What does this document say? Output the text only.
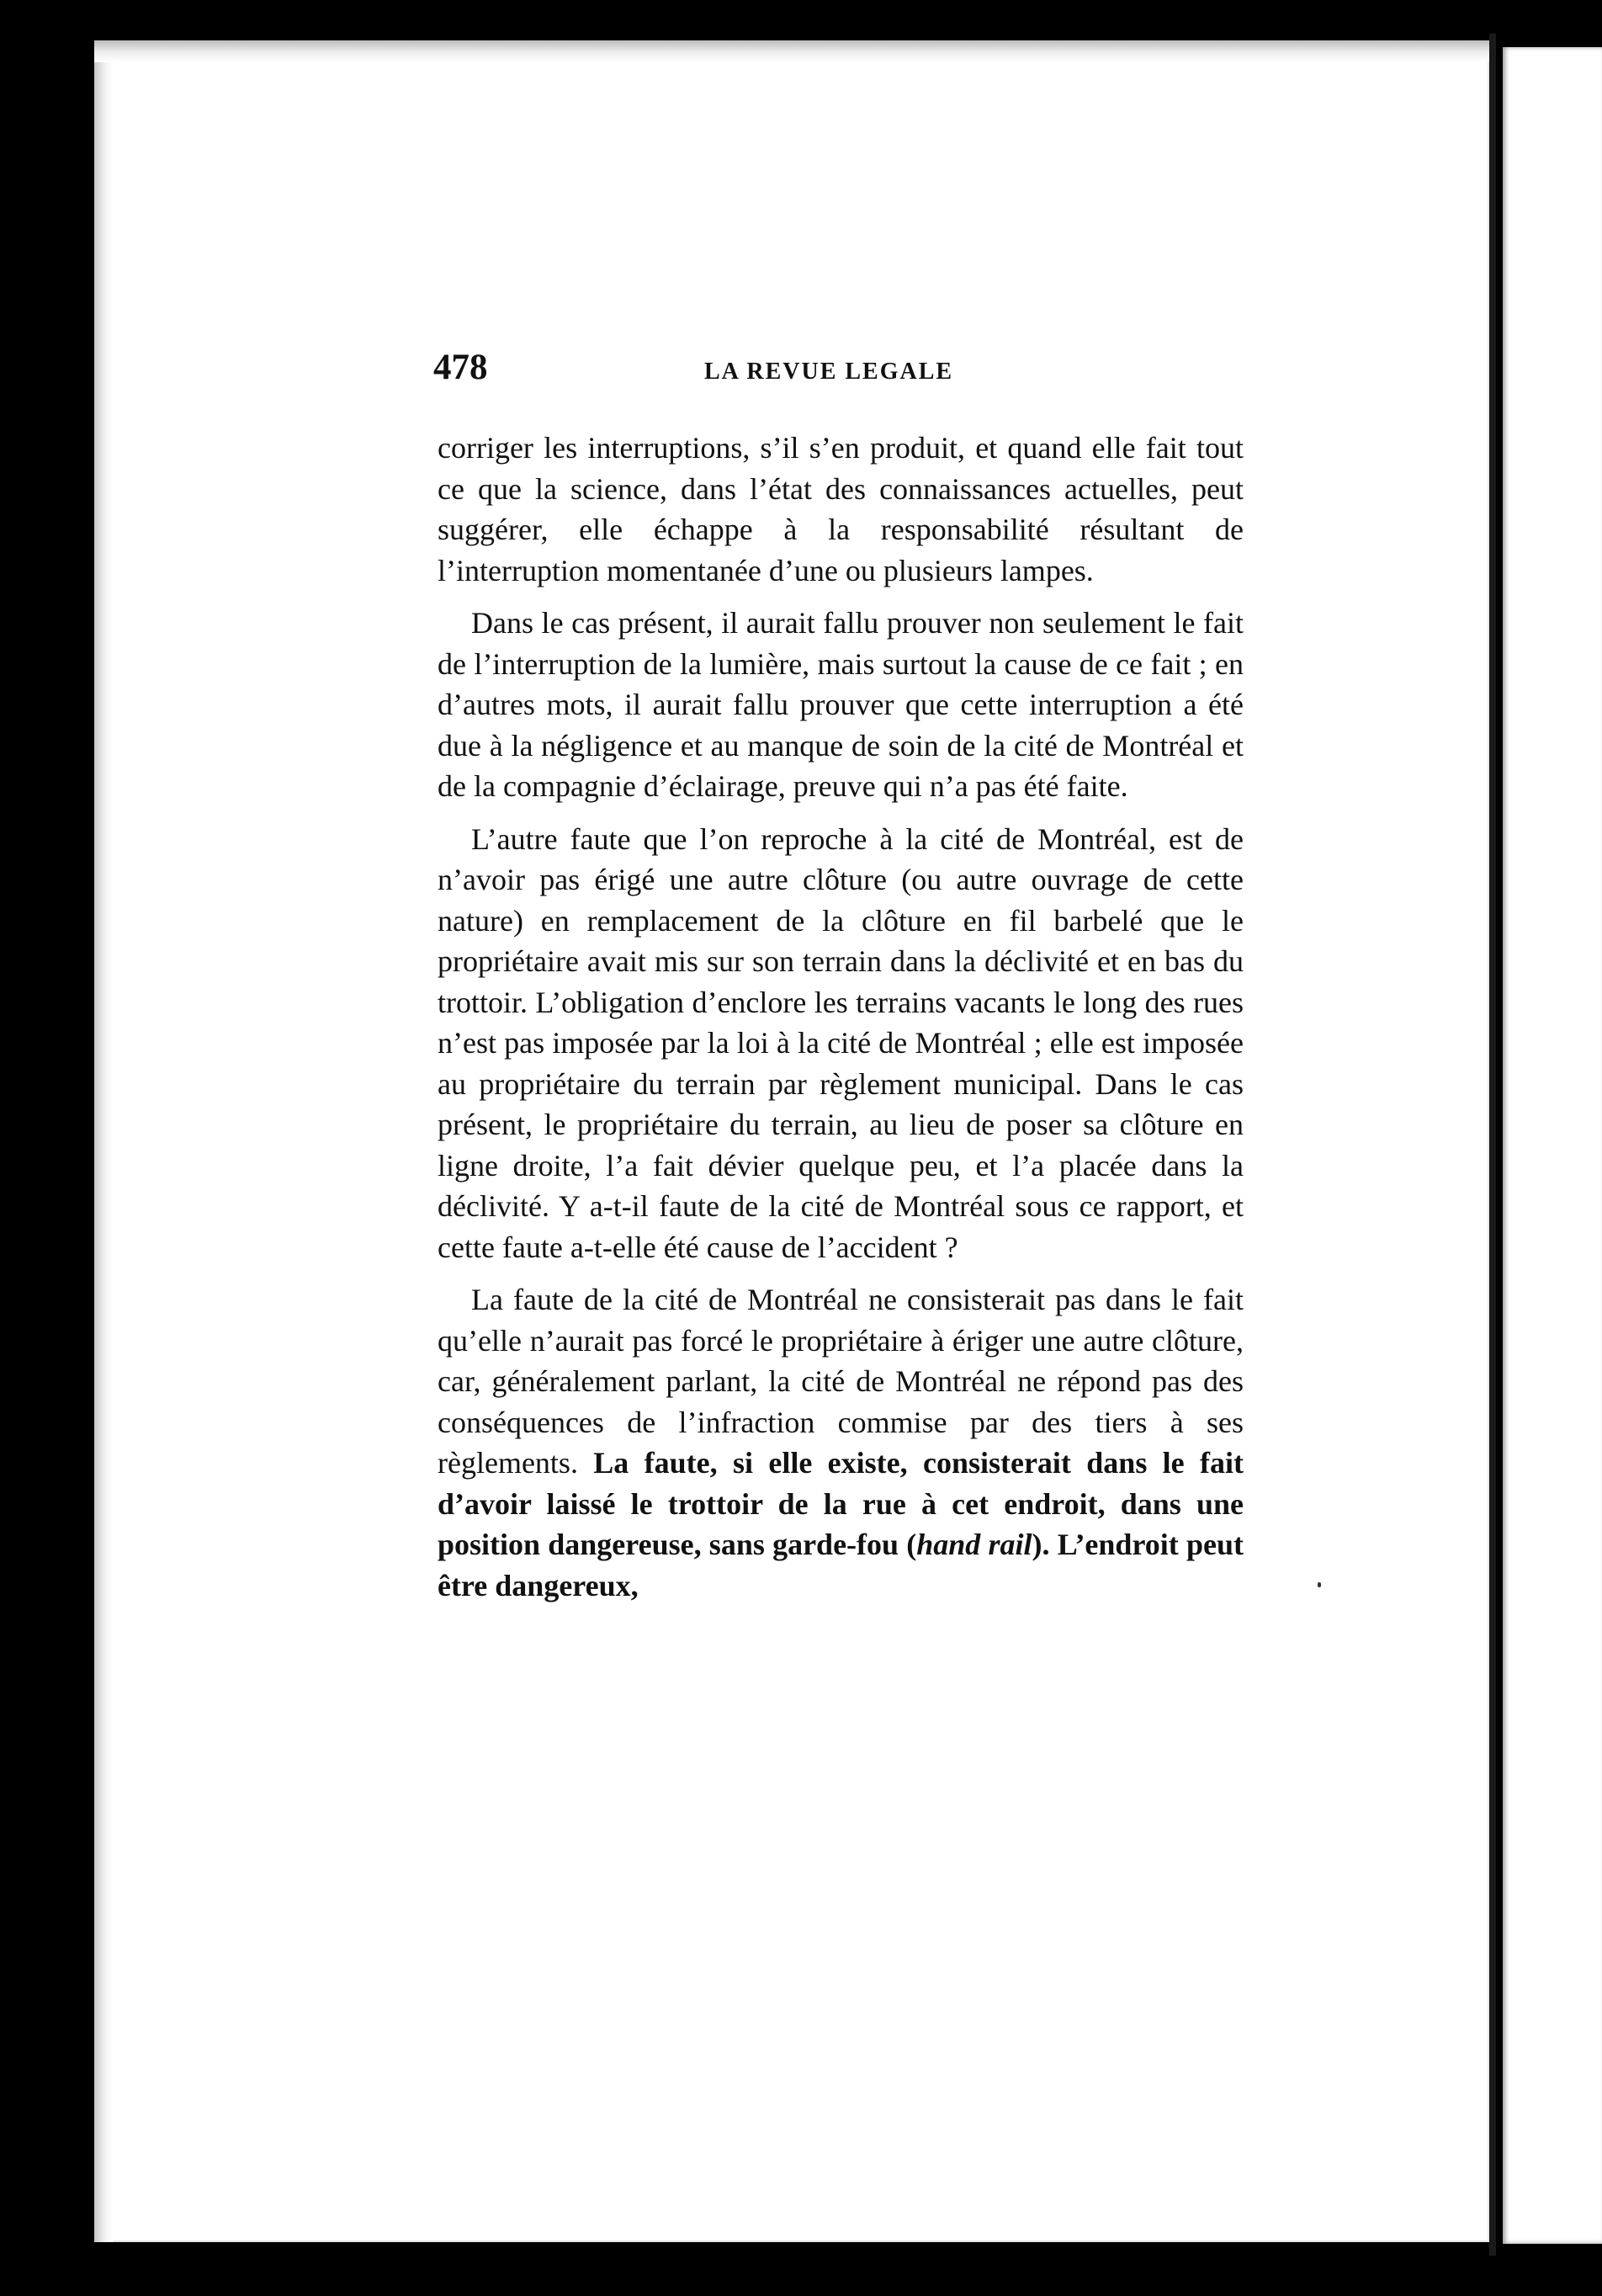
478	LA REVUE LEGALE

corriger les interruptions, s’il s’en produit, et quand elle fait tout ce que la science, dans l’état des connaissances actuelles, peut suggérer, elle échappe à la responsabilité résultant de l’interruption momentanée d’une ou plusieurs lampes.

Dans le cas présent, il aurait fallu prouver non seulement le fait de l’interruption de la lumière, mais surtout la cause de ce fait ; en d’autres mots, il aurait fallu prouver que cette interruption a été due à la négligence et au manque de soin de la cité de Montréal et de la compagnie d’éclairage, preuve qui n’a pas été faite.

L’autre faute que l’on reproche à la cité de Montréal, est de n’avoir pas érigé une autre clôture (ou autre ouvrage de cette nature) en remplacement de la clôture en fil barbelé que le propriétaire avait mis sur son terrain dans la déclivité et en bas du trottoir. L’obligation d’enclore les terrains vacants le long des rues n’est pas imposée par la loi à la cité de Montréal ; elle est imposée au propriétaire du terrain par règlement municipal. Dans le cas présent, le propriétaire du terrain, au lieu de poser sa clôture en ligne droite, l’a fait dévier quelque peu, et l’a placée dans la déclivité. Y a-t-il faute de la cité de Montréal sous ce rapport, et cette faute a-t-elle été cause de l’accident ?

La faute de la cité de Montréal ne consisterait pas dans le fait qu’elle n’aurait pas forcé le propriétaire à ériger une autre clôture, car, généralement parlant, la cité de Montréal ne répond pas des conséquences de l’infraction commise par des tiers à ses règlements. La faute, si elle existe, consisterait dans le fait d’avoir laissé le trottoir de la rue à cet endroit, dans une position dangereuse, sans garde-fou (hand rail). L’endroit peut être dangereux,
